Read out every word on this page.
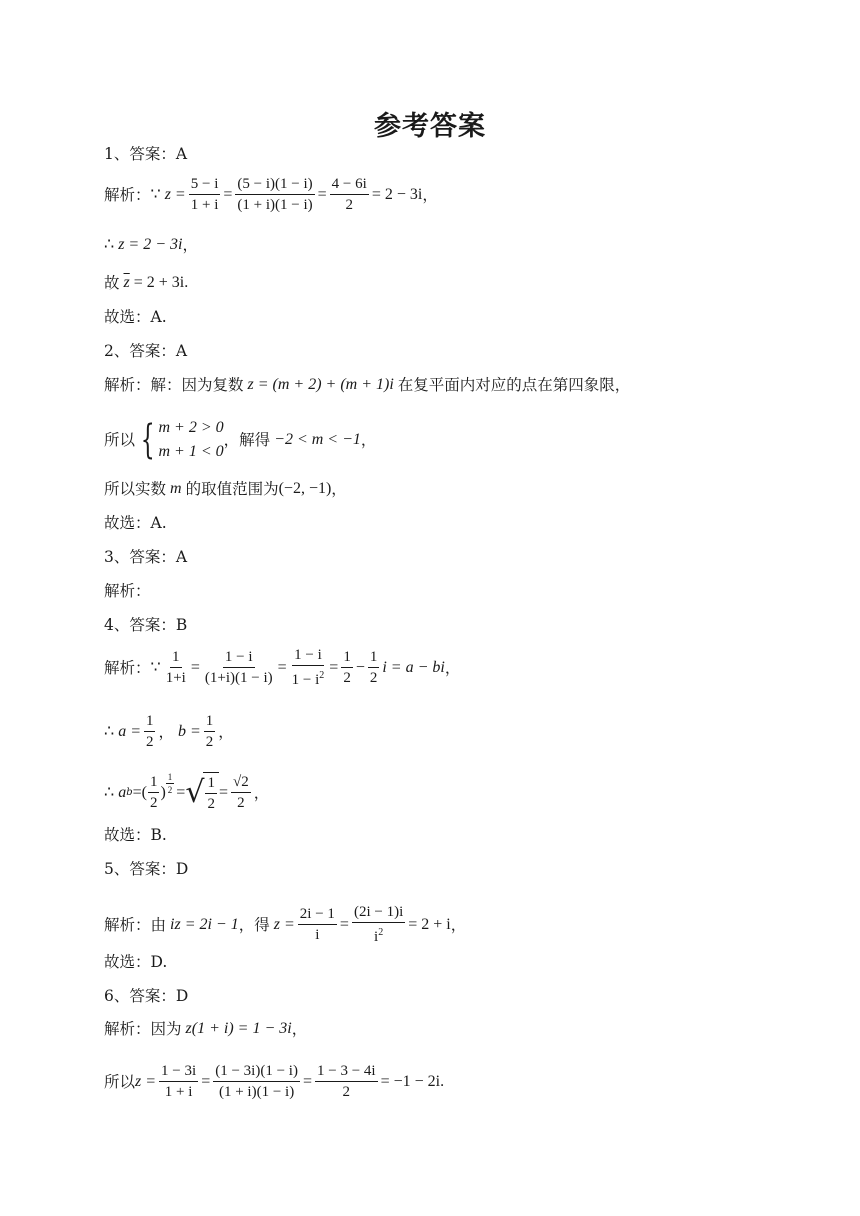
参考答案
1、答案：A
解析： ∵ $z = \frac{5 - i}{1 + i} = \frac{(5 - i)(1 - i)}{(1 + i)(1 - i)} = \frac{4 - 6i}{2} = 2 - 3i$ ，
∴ z = 2 − 3i ，
故 $\overline{z} = 2 + 3i$ .
故选：A.
2、答案：A
解析：解：因为复数 z = (m + 2) + (m + 1)i 在复平面内对应的点在第四象限，
所以 { m + 2 > 0
m + 1 < 0
，解得 −2 < m < −1 ，
所以实数 m 的取值范围为 (−2, −1) ，
故选：A.
3、答案：A
解析：
4、答案：B
解析： ∵ $\frac{1}{1+i} = \frac{1 - i}{(1+i)(1 - i)} = \frac{1 - i}{1 - i^2} = \frac{1}{2} - \frac{1}{2}$ i = a − bi ，
∴ $a = \frac{1}{2}$ ， $b = \frac{1}{2}$ ，
∴ a b = ( $\frac{1}{2}$ ) $\frac{1}{2}$ = √ $\frac{1}{2} = \frac{√2}{2}$ ，
故选：B.
5、答案：D
解析：由 iz = 2i − 1 ，得 $z = \frac{2i - 1}{i} = \frac{(2i - 1)i}{i^2} = 2 + i$ ，
故选：D.
6、答案：D
解析：因为 z(1 + i) = 1 − 3i ，
所以 $z = \frac{1 - 3i}{1 + i} = \frac{(1 - 3i)(1 - i)}{(1 + i)(1 - i)} = \frac{1 - 3 - 4i}{2} = -1 - 2i$ .
